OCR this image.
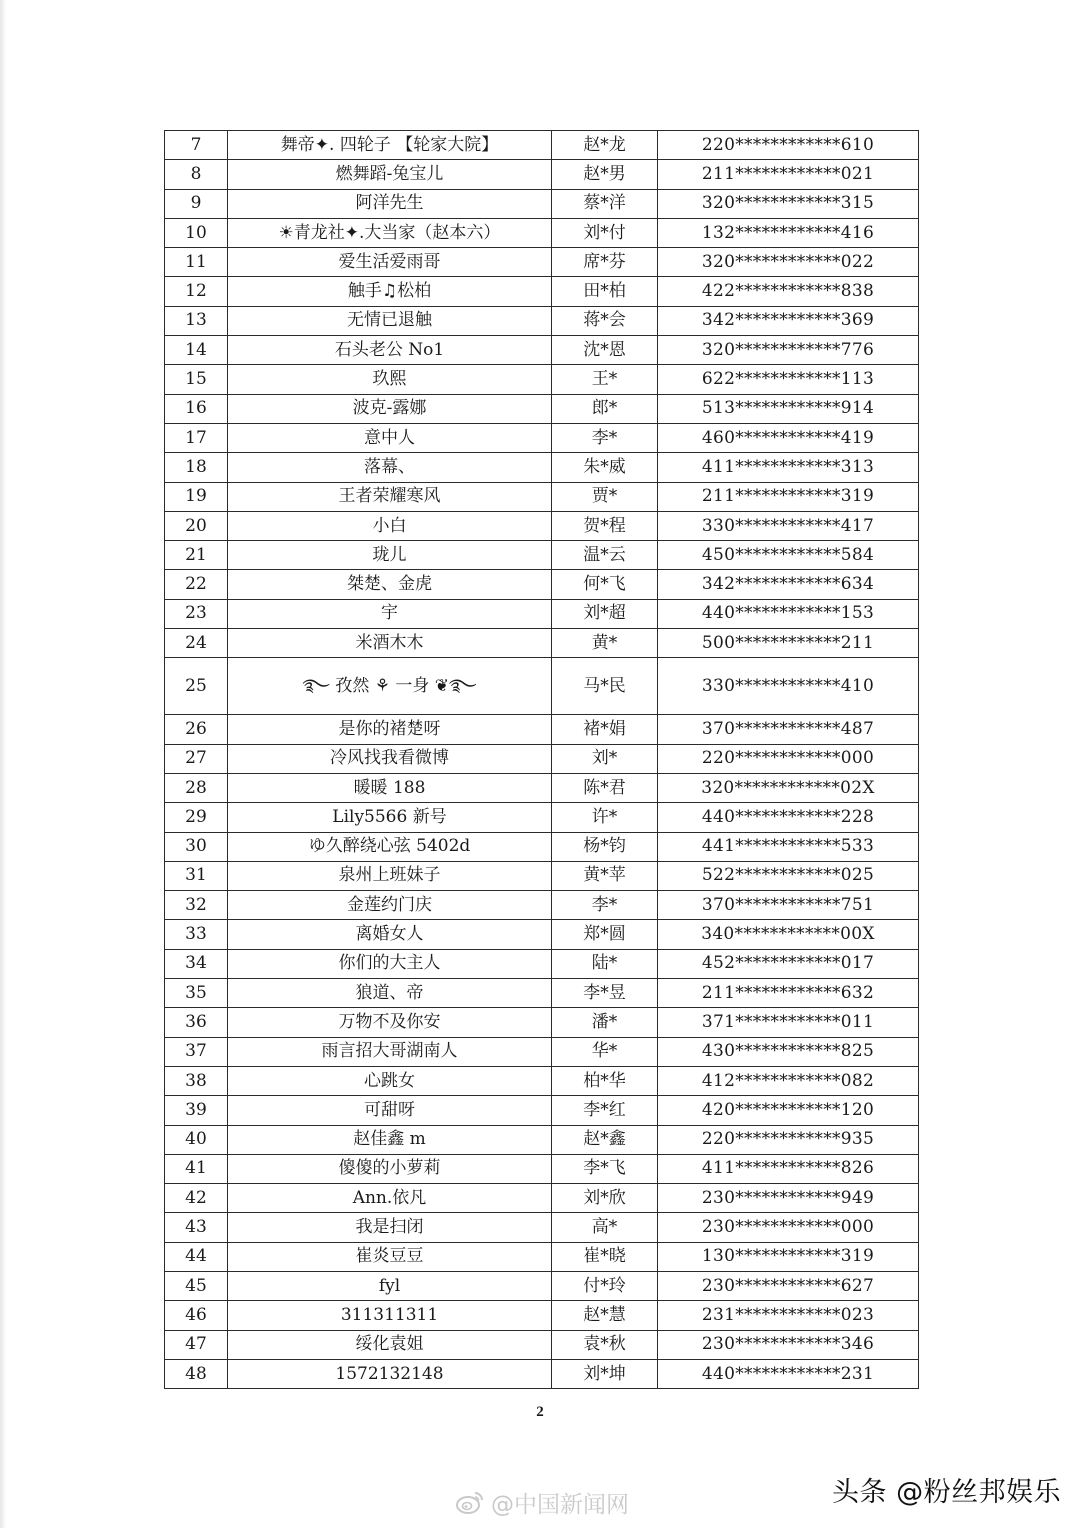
7	舞帝✦. 四轮子 【轮家大院】	赵*龙	220************610
8	燃舞蹈-兔宝儿	赵*男	211************021
9	阿洋先生	蔡*洋	320************315
10	☀青龙社✦.大当家（赵本六）	刘*付	132************416
11	爱生活爱雨哥	席*芬	320************022
12	触手♫松柏	田*柏	422************838
13	无情已退触	蒋*会	342************369
14	石头老公 No1	沈*恩	320************776
15	玖熙	王*	622************113
16	波克-露娜	郎*	513************914
17	意中人	李*	460************419
18	落幕、	朱*威	411************313
19	王者荣耀寒风	贾*	211************319
20	小白	贺*程	330************417
21	珑儿	温*云	450************584
22	桀楚、金虎	何*飞	342************634
23	宇	刘*超	440************153
24	米酒木木	黄*	500************211
25	࿐ 孜然 ⚘ 一身 ❦࿐	马*民	330************410
26	是你的褚楚呀	褚*娟	370************487
27	冷风找我看微博	刘*	220************000
28	暖暖 188	陈*君	320************02X
29	Lily5566 新号	许*	440************228
30	ゆ久醉绕心弦 5402d	杨*钧	441************533
31	泉州上班妹子	黄*苹	522************025
32	金莲约门庆	李*	370************751
33	离婚女人	郑*圆	340************00X
34	你们的大主人	陆*	452************017
35	狼道、帝	李*昱	211************632
36	万物不及你安	潘*	371************011
37	雨言招大哥湖南人	华*	430************825
38	心跳女	柏*华	412************082
39	可甜呀	李*红	420************120
40	赵佳鑫 m	赵*鑫	220************935
41	傻傻的小萝莉	李*飞	411************826
42	Ann.依凡	刘*欣	230************949
43	我是扫闭	高*	230************000
44	崔炎豆豆	崔*晓	130************319
45	fyl	付*玲	230************627
46	311311311	赵*慧	231************023
47	绥化袁姐	袁*秋	230************346
48	1572132148	刘*坤	440************231
2
@中国新闻网	头条 @粉丝邦娱乐
